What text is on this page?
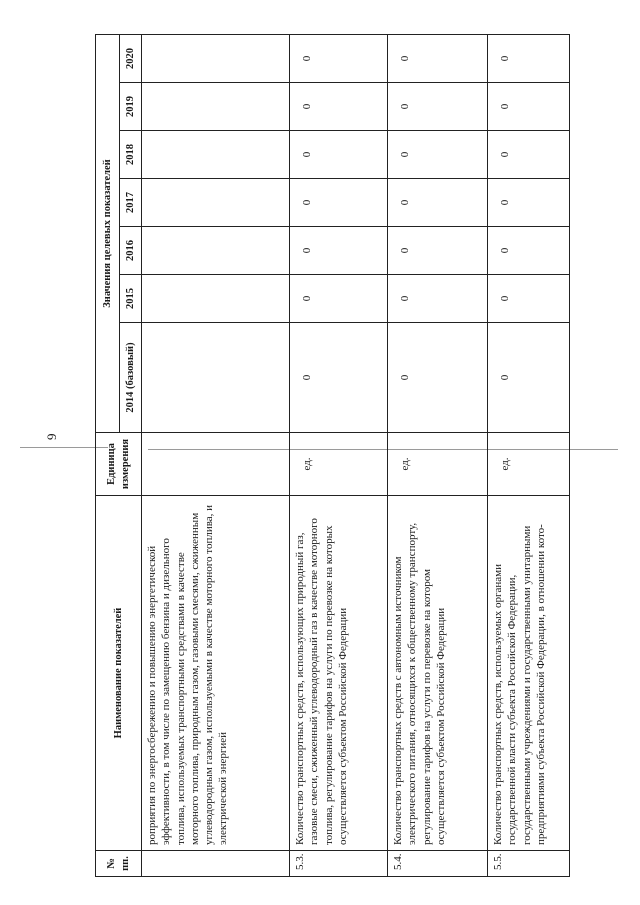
9
№ пп.	Наименование показателей	Единица измерения	Значения целевых показателей						
			2014 (базовый)	2015	2016	2017	2018	2019	2020
	роприятия по энергосбережению и повышению энергетической эффективности, в том числе по замещению бензина и дизельного топлива, используемых транспортными средствами в качестве моторного топлива, природным газом, газовыми смесями, сжиженным углеводородным газом, используемыми в качестве моторного топлива, и электрической энергией								
5.3.	Количество транспортных средств, использующих природный газ, газовые смеси, сжиженный углеводородный газ в качестве моторного топлива, регулирование тарифов на услуги по перевозке на которых осуществляется субъектом Российской Федерации	ед.	0	0	0	0	0	0	0
5.4.	Количество транспортных средств с автономным источником электрического питания, относящихся к общественному транспорту, регулирование тарифов на услуги по перевозке на котором осуществляется субъектом Российской Федерации	ед.	0	0	0	0	0	0	0
5.5.	Количество транспортных средств, используемых органами государственной власти субъекта Российской Федерации, государственными учреждениями и государственными унитарными предприятиями субъекта Российской Федерации, в отношении кото-	ед.	0	0	0	0	0	0	0
